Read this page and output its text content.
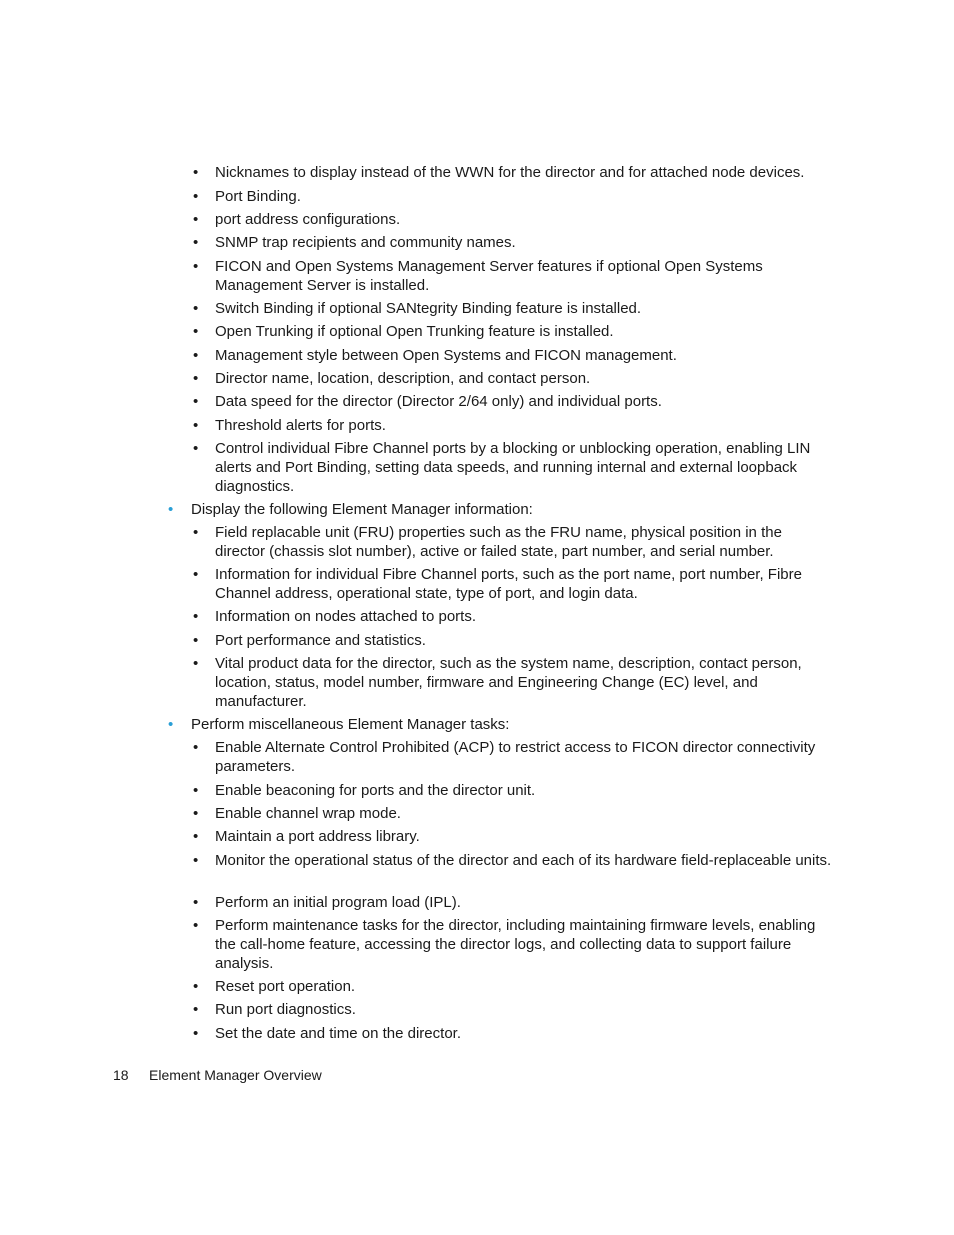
• Nicknames to display instead of the WWN for the director and for attached node devices.
• Port Binding.
• port address configurations.
• SNMP trap recipients and community names.
• FICON and Open Systems Management Server features if optional Open Systems Management Server is installed.
• Switch Binding if optional SANtegrity Binding feature is installed.
• Open Trunking if optional Open Trunking feature is installed.
• Management style between Open Systems and FICON management.
• Director name, location, description, and contact person.
• Data speed for the director (Director 2/64 only) and individual ports.
• Threshold alerts for ports.
• Control individual Fibre Channel ports by a blocking or unblocking operation, enabling LIN alerts and Port Binding, setting data speeds, and running internal and external loopback diagnostics.
• Display the following Element Manager information:
• Field replacable unit (FRU) properties such as the FRU name, physical position in the director (chassis slot number), active or failed state, part number, and serial number.
• Information for individual Fibre Channel ports, such as the port name, port number, Fibre Channel address, operational state, type of port, and login data.
• Information on nodes attached to ports.
• Port performance and statistics.
• Vital product data for the director, such as the system name, description, contact person, location, status, model number, firmware and Engineering Change (EC) level, and manufacturer.
• Perform miscellaneous Element Manager tasks:
• Enable Alternate Control Prohibited (ACP) to restrict access to FICON director connectivity parameters.
• Enable beaconing for ports and the director unit.
• Enable channel wrap mode.
• Maintain a port address library.
• Monitor the operational status of the director and each of its hardware field-replaceable units.
• Perform an initial program load (IPL).
• Perform maintenance tasks for the director, including maintaining firmware levels, enabling the call-home feature, accessing the director logs, and collecting data to support failure analysis.
• Reset port operation.
• Run port diagnostics.
• Set the date and time on the director.
18 Element Manager Overview
